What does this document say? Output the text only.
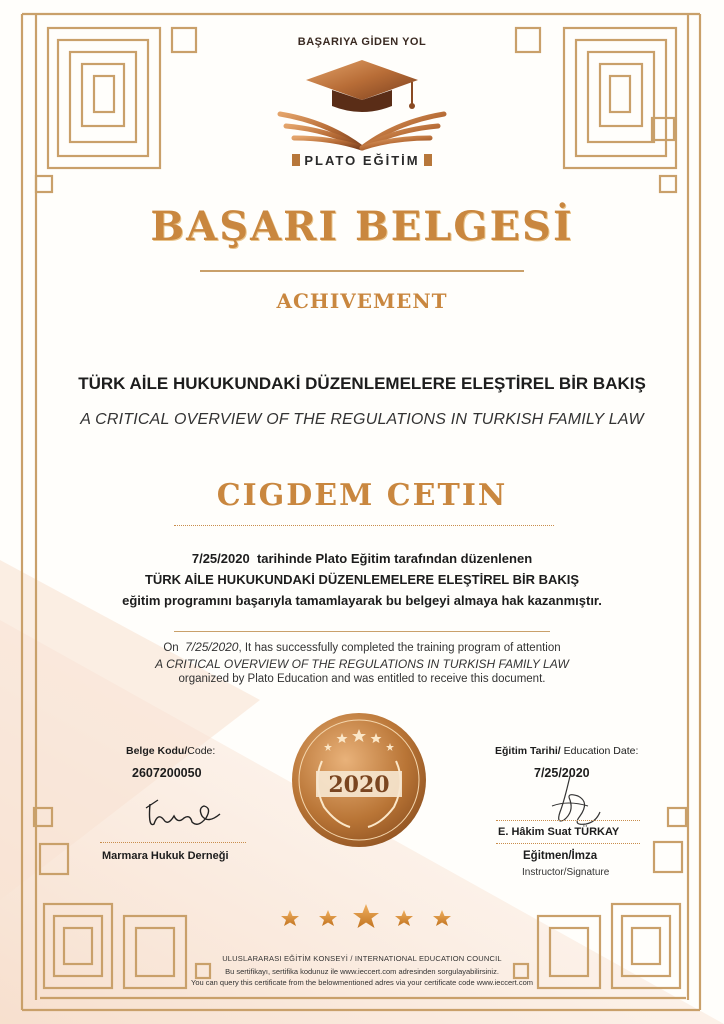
BAŞARIYA GİDEN YOL
PLATO EĞİTİM
BAŞARI BELGESİ
ACHIVEMENT
TÜRK AİLE HUKUKUNDAKİ DÜZENLEMELERE ELEŞTİREL BİR BAKIŞ
A CRITICAL OVERVIEW OF THE REGULATIONS IN TURKISH FAMILY LAW
CIGDEM CETIN
7/25/2020 tarihinde Plato Eğitim tarafından düzenlenen
TÜRK AİLE HUKUKUNDAKİ DÜZENLEMELERE ELEŞTİREL BİR BAKIŞ
eğitim programını başarıyla tamamlayarak bu belgeyi almaya hak kazanmıştır.
On 7/25/2020, It has successfully completed the training program of attention
A CRITICAL OVERVIEW OF THE REGULATIONS IN TURKISH FAMILY LAW
organized by Plato Education and was entitled to receive this document.
Belge Kodu/Code:
2607200050
Marmara Hukuk Derneği
2020
Eğitim Tarihi/ Education Date:
7/25/2020
E. Hâkim Suat TÜRKAY
Eğitmen/İmza
Instructor/Signature
ULUSLARARASI EĞİTİM KONSEYİ / INTERNATIONAL EDUCATION COUNCIL
Bu sertifikayı, sertifika kodunuz ile www.ieccert.com adresinden sorgulayabilirsiniz.
You can query this certificate from the belowmentioned adres via your certificate code www.ieccert.com
